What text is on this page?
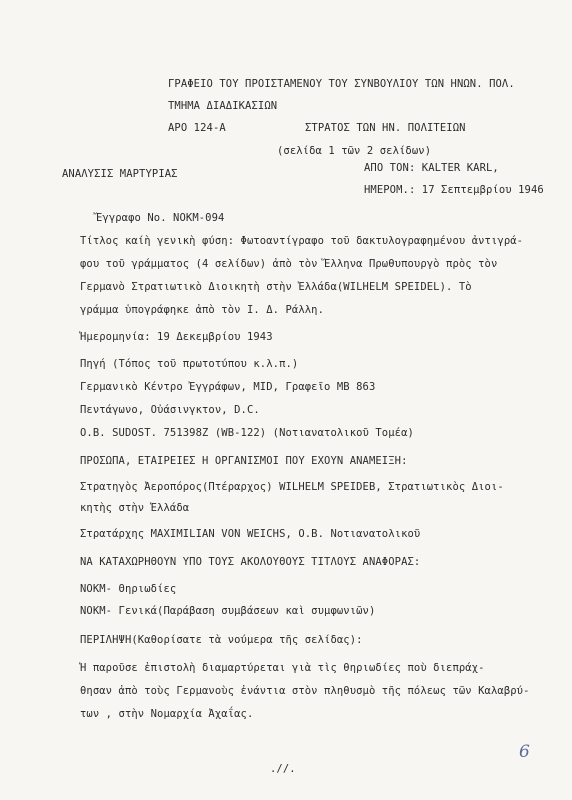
ΓΡΑΦΕΙΟ ΤΟΥ ΠΡΟΙΣΤΑΜΕΝΟΥ ΤΟΥ ΣΥΝΒΟΥΛΙΟΥ ΤΩΝ ΗΝΩΝ. ΠΟΛ.
ΤΜΗΜΑ ΔΙΑΔΙΚΑΣΙΩΝ
ΑΡΟ 124-Α	ΣΤΡΑΤΟΣ ΤΩΝ ΗΝ. ΠΟΛΙΤΕΙΩΝ
(σελίδα 1 τῶν 2 σελίδων)
ΑΝΑΛΥΣΙΣ ΜΑΡΤΥΡΙΑΣ	ΑΠΟ ΤΟΝ: KALTER KARL,
ΗΜΕΡΟΜ.: 17 Σεπτεμβρίου 1946
Ἔγγραφο Νο. ΝΟΚΜ-094
Τίτλος καίὴ γενικὴ φύση: Φωτοαντίγραφο τοῦ δακτυλογραφημένου ἀντιγρά-
φου τοῦ γράμματος (4 σελίδων) ἀπὸ τὸν Ἕλληνα Πρωθυπουργὸ πρὸς τὸν
Γερμανὸ Στρατιωτικὸ Διοικητὴ στὴν Ἑλλάδα(WILHELM SPEIDEL). Τὸ
γράμμα ὑπογράφηκε ἀπὸ τὸν Ι. Δ. Ράλλη.
Ἡμερομηνία: 19 Δεκεμβρίου 1943
Πηγή (Τόπος τοῦ πρωτοτύπου κ.λ.π.)
Γερμανικὸ Κέντρο Ἐγγράφων, MID, Γραφεῖο ΜΒ 863
Πεντάγωνο, Οὐάσινγκτον, D.C.
O.B. SUDOST. 751398Ζ (WB-122) (Νοτιανατολικοῦ Τομέα)
ΠΡΟΣΩΠΑ, ΕΤΑΙΡΕΙΕΣ Η ΟΡΓΑΝΙΣΜΟΙ ΠΟΥ ΕΧΟΥΝ ΑΝΑΜΕΙΞΗ:
Στρατηγὸς Ἀεροπόρος(Πτέραρχος) WILHELM SPEIDEB, Στρατιωτικὸς Διοι-
κητὴς στὴν Ἑλλάδα
Στρατάρχης MAXIMILIAN VON WEICHS, O.B. Νοτιανατολικοῦ
ΝΑ ΚΑΤΑΧΩΡΗΘΟΥΝ ΥΠΟ ΤΟΥΣ ΑΚΟΛΟΥΘΟΥΣ ΤΙΤΛΟΥΣ ΑΝΑΦΟΡΑΣ:
ΝΟΚΜ- Θηριωδίες
ΝΟΚΜ- Γενικά(Παράβαση συμβάσεων καὶ συμφωνιῶν)
ΠΕΡΙΛΗΨΗ(Καθορίσατε τὰ νούμερα τῆς σελίδας):
Ἡ παροῦσε ἐπιστολὴ διαμαρτύρεται γιὰ τὶς θηριωδίες ποὺ διεπράχ-
θησαν ἀπὸ τοὺς Γερμανοὺς ἐνάντια στὸν πληθυσμὸ τῆς πόλεως τῶν Καλαβρύ-
των , στὴν Νομαρχία Ἀχαΐας.
.//.
6
